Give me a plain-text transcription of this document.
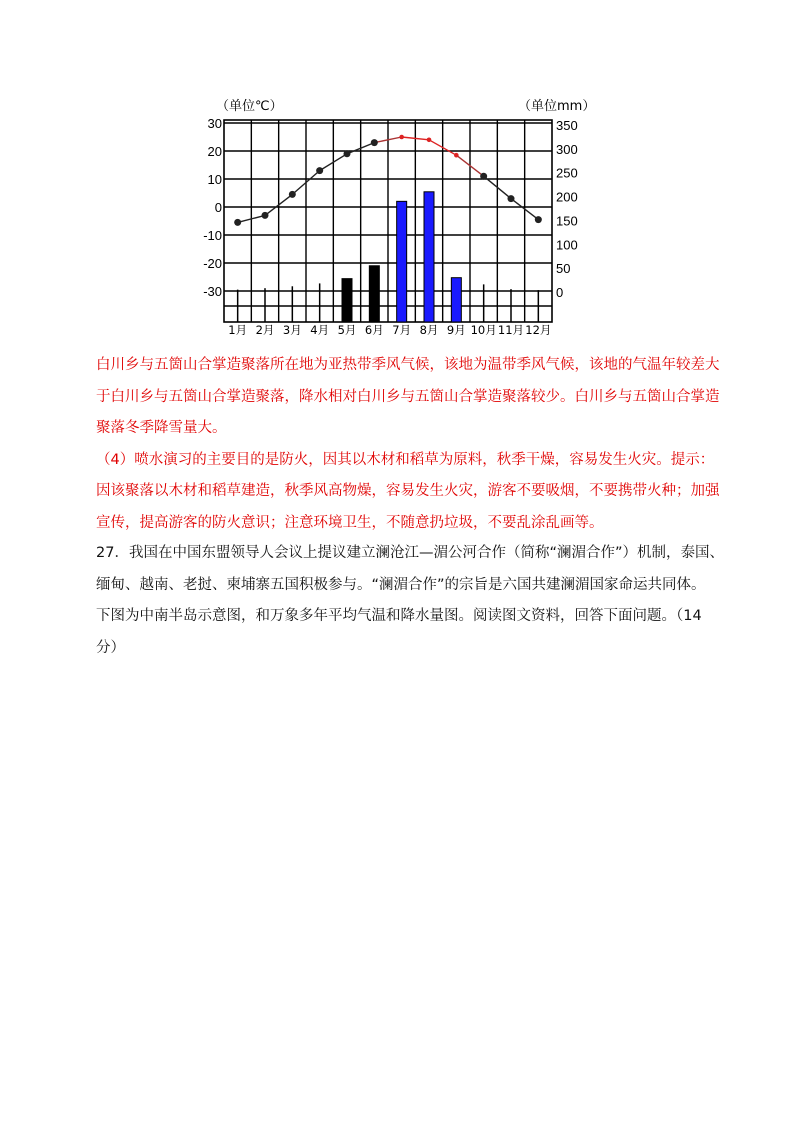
30
20
10
0
-10
-20
-30
350
300
250
200
150
100
50
0
（单位℃）	（单位mm）
1月 2月 3月 4月 5月 6月 7月 8月 9月 10月 11月 12月
白川乡与五箇山合掌造聚落所在地为亚热带季风气候，该地为温带季风气候，该地的气温年较差大
于白川乡与五箇山合掌造聚落，降水相对白川乡与五箇山合掌造聚落较少。白川乡与五箇山合掌造
聚落冬季降雪量大。
（4）喷水演习的主要目的是防火，因其以木材和稻草为原料，秋季干燥，容易发生火灾。提示：
因该聚落以木材和稻草建造，秋季风高物燥，容易发生火灾，游客不要吸烟，不要携带火种；加强
宣传，提高游客的防火意识；注意环境卫生，不随意扔垃圾，不要乱涂乱画等。
27．我国在中国东盟领导人会议上提议建立澜沧江—湄公河合作（简称“澜湄合作”）机制，泰国、
缅甸、越南、老挝、柬埔寨五国积极参与。“澜湄合作”的宗旨是六国共建澜湄国家命运共同体。
下图为中南半岛示意图，和万象多年平均气温和降水量图。阅读图文资料，回答下面问题。（14
分）
